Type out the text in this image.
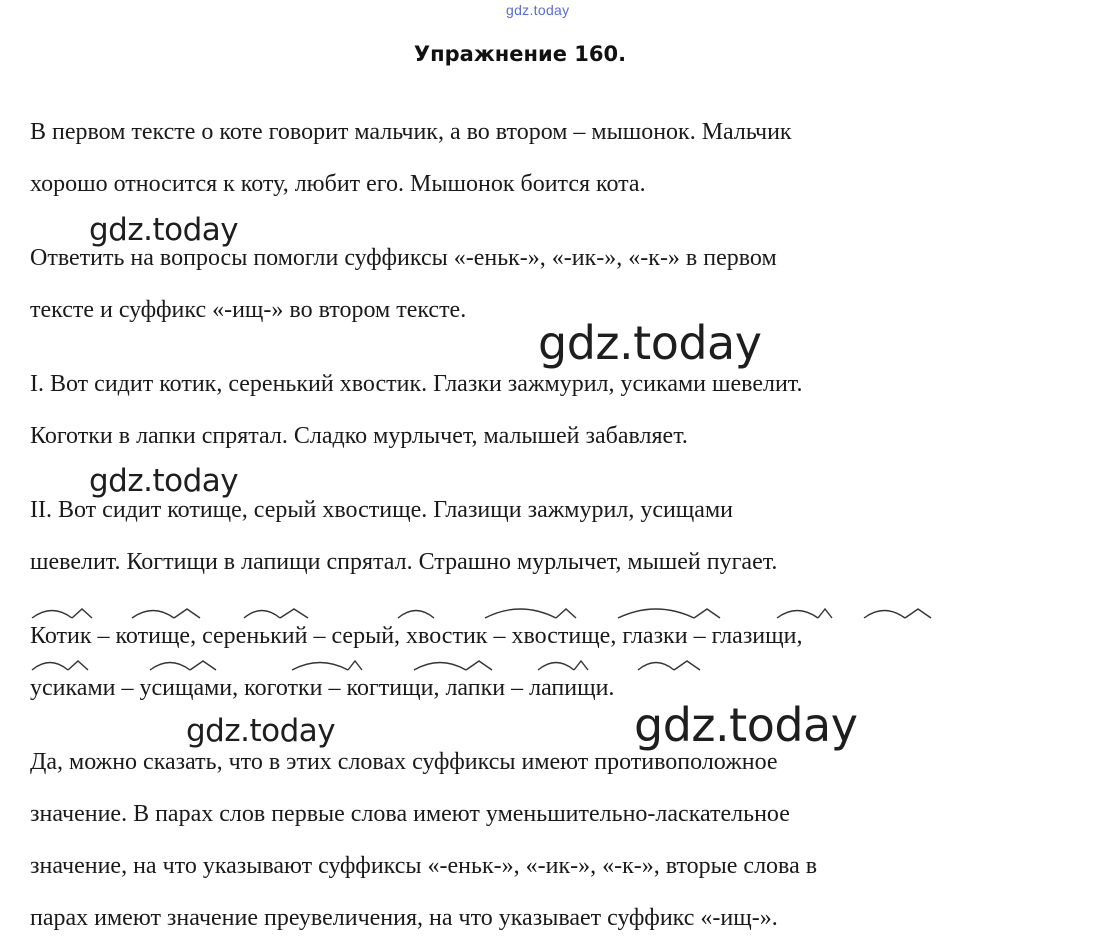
gdz.today
Упражнение 160.
В первом тексте о коте говорит мальчик, а во втором – мышонок. Мальчик
хорошо относится к коту, любит его. Мышонок боится кота.
Ответить на вопросы помогли суффиксы «-еньк-», «-ик-», «-к-» в первом
тексте и суффикс «-ищ-» во втором тексте.
I. Вот сидит котик, серенький хвостик. Глазки зажмурил, усиками шевелит.
Коготки в лапки спрятал. Сладко мурлычет, малышей забавляет.
II. Вот сидит котище, серый хвостище. Глазищи зажмурил, усищами
шевелит. Когтищи в лапищи спрятал. Страшно мурлычет, мышей пугает.
Котик – котище, серенький – серый, хвостик – хвостище, глазки – глазищи,
усиками – усищами, коготки – когтищи, лапки – лапищи.
Да, можно сказать, что в этих словах суффиксы имеют противоположное
значение. В парах слов первые слова имеют уменьшительно-ласкательное
значение, на что указывают суффиксы «-еньк-», «-ик-», «-к-», вторые слова в
парах имеют значение преувеличения, на что указывает суффикс «-ищ-».
gdz.today
gdz.today
gdz.today
gdz.today	gdz.today
